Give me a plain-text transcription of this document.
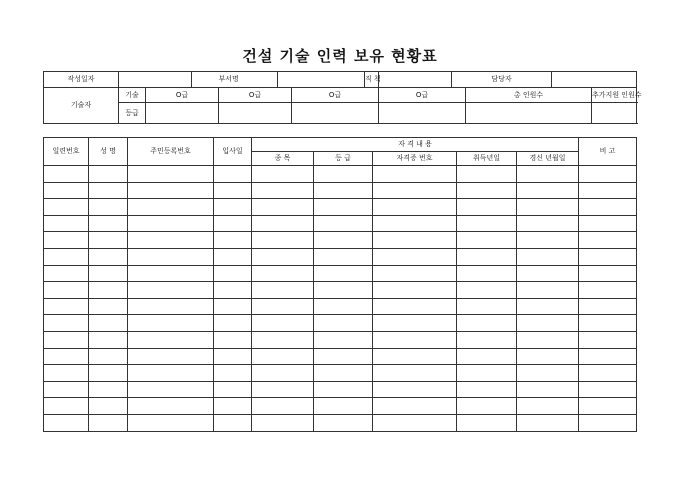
건설 기술 인력 보유 현황표
작성일자				부서명			직 책		담당자			
기술자	기술	O급		O급		O급		O급		총 인원수		추가지원 인원수
	등급											
일련번호	성 명	주민등록번호	입사일	자 격 내 용					비 고
				종 목	등 급	자격증 번호	취득년일	경신 년월일	
